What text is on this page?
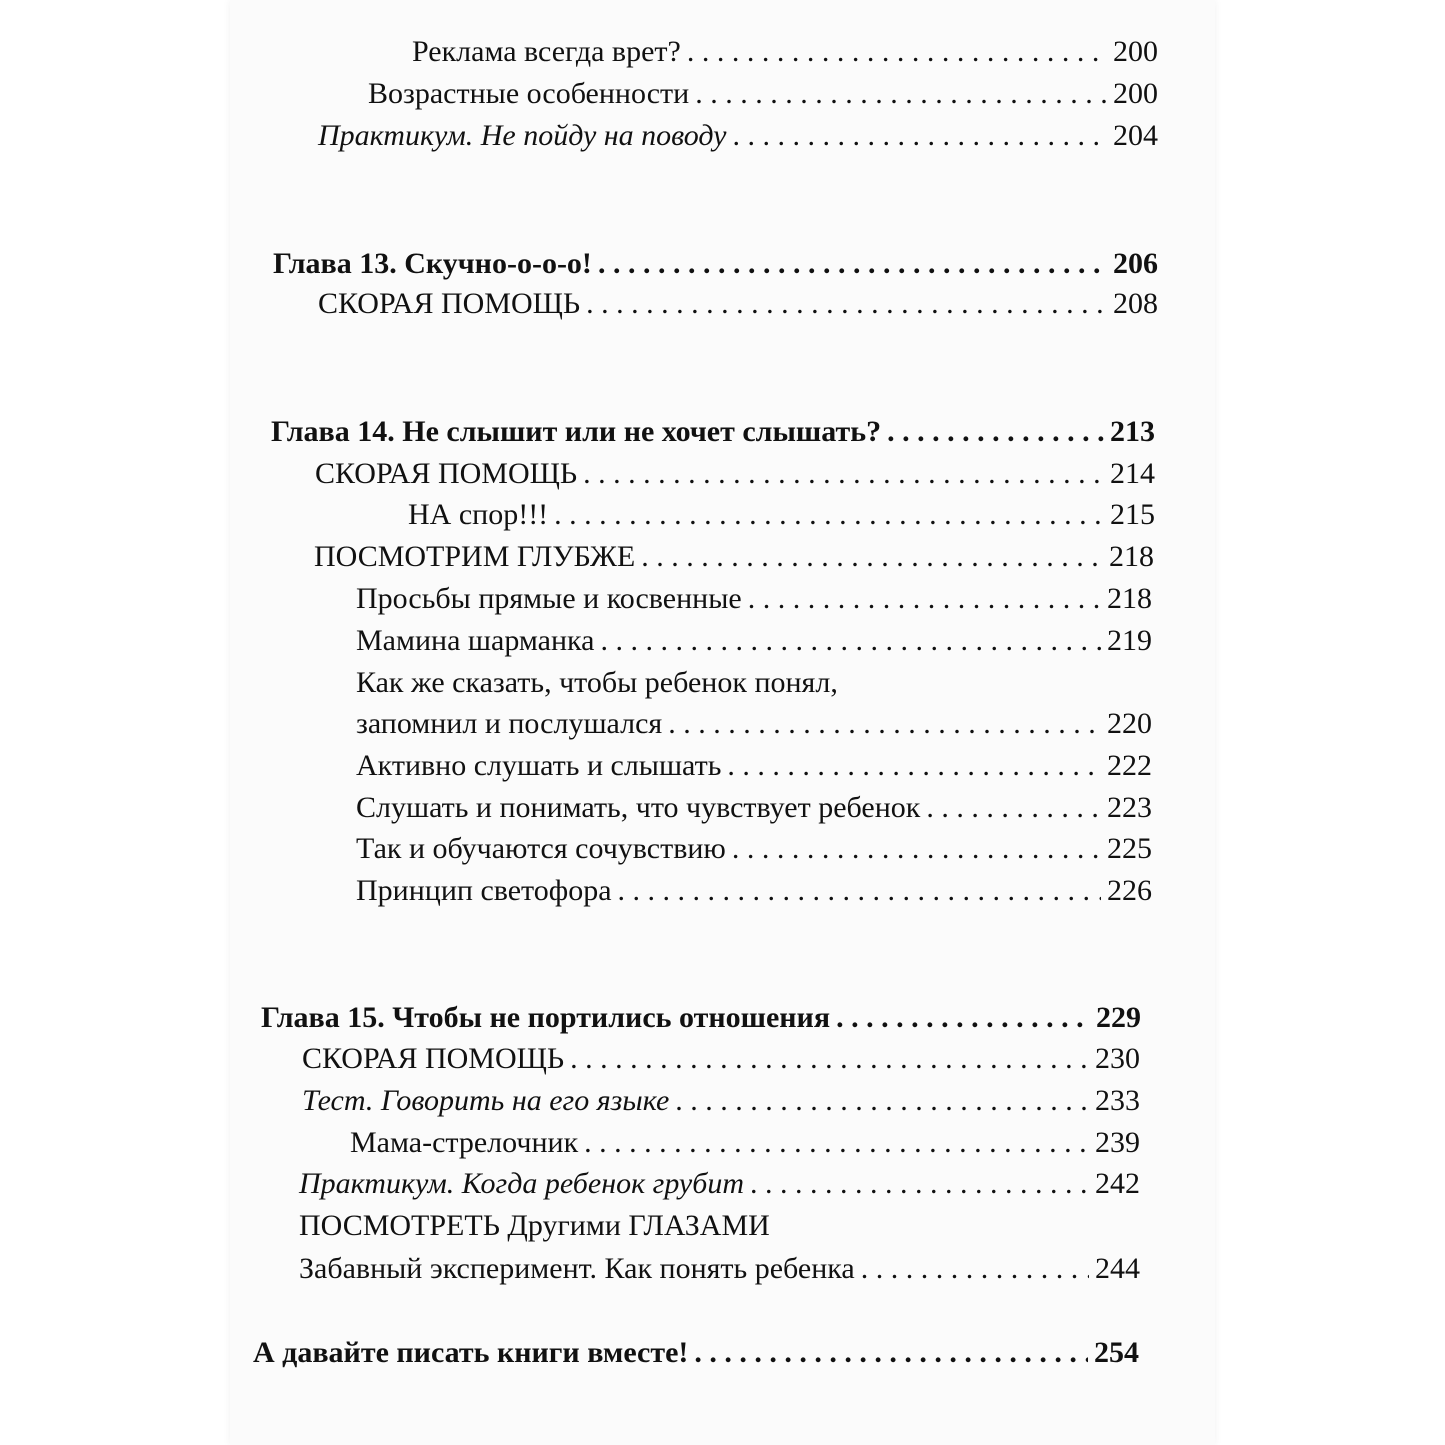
Реклама всегда врет? . . .	200
Возрастные особенности . . .	200
Практикум. Не пойду на поводу . . .	204
Глава 13. Скучно-о-о-о! . . .	206
СКОРАЯ ПОМОЩЬ . . .	208
Глава 14. Не слышит или не хочет слышать? . . .	213
СКОРАЯ ПОМОЩЬ . . .	214
НА спор!!! . . .	215
ПОСМОТРИМ ГЛУБЖЕ . . .	218
Просьбы прямые и косвенные . . .	218
Мамина шарманка . . .	219
Как же сказать, чтобы ребенок понял,
запомнил и послушался . . .	220
Активно слушать и слышать . . .	222
Слушать и понимать, что чувствует ребенок . . .	223
Так и обучаются сочувствию . . .	225
Принцип светофора . . .	226
Глава 15. Чтобы не портились отношения . . .	229
СКОРАЯ ПОМОЩЬ . . .	230
Тест. Говорить на его языке . . .	233
Мама-стрелочник . . .	239
Практикум. Когда ребенок грубит . . .	242
ПОСМОТРЕТЬ Другими ГЛАЗАМИ
Забавный эксперимент. Как понять ребенка . . .	244
А давайте писать книги вместе! . . .	254
